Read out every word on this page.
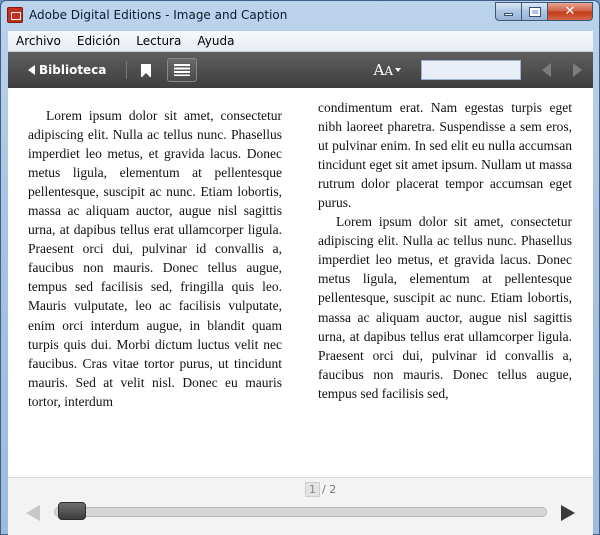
Adobe Digital Editions - Image and Caption	✕
Archivo	Edición	Lectura	Ayuda
Biblioteca	A A

Lorem ipsum dolor sit amet, consectetur adipiscing elit. Nulla ac tellus nunc. Phasellus imperdiet leo metus, et gravida lacus. Donec metus ligula, elementum at pellentesque pellentesque, suscipit ac nunc. Etiam lobortis, massa ac aliquam auctor, augue nisl sagittis urna, at dapibus tellus erat ullamcorper ligula. Praesent orci dui, pulvinar id convallis a, faucibus non mauris. Donec tellus augue, tempus sed facilisis sed, fringilla quis leo. Mauris vulputate, leo ac facilisis vulputate, enim orci interdum augue, in blandit quam turpis quis dui. Morbi dictum luctus velit nec faucibus. Cras vitae tortor purus, ut tincidunt mauris. Sed at velit nisl. Donec eu mauris tortor, interdum

condimentum erat. Nam egestas turpis eget nibh laoreet pharetra. Suspendisse a sem eros, ut pulvinar enim. In sed elit eu nulla accumsan tincidunt eget sit amet ipsum. Nullam ut massa rutrum dolor placerat tempor accumsan eget purus.

Lorem ipsum dolor sit amet, consectetur adipiscing elit. Nulla ac tellus nunc. Phasellus imperdiet leo metus, et gravida lacus. Donec metus ligula, elementum at pellentesque pellentesque, suscipit ac nunc. Etiam lobortis, massa ac aliquam auctor, augue nisl sagittis urna, at dapibus tellus erat ullamcorper ligula. Praesent orci dui, pulvinar id convallis a, faucibus non mauris. Donec tellus augue, tempus sed facilisis sed,

1 / 2
